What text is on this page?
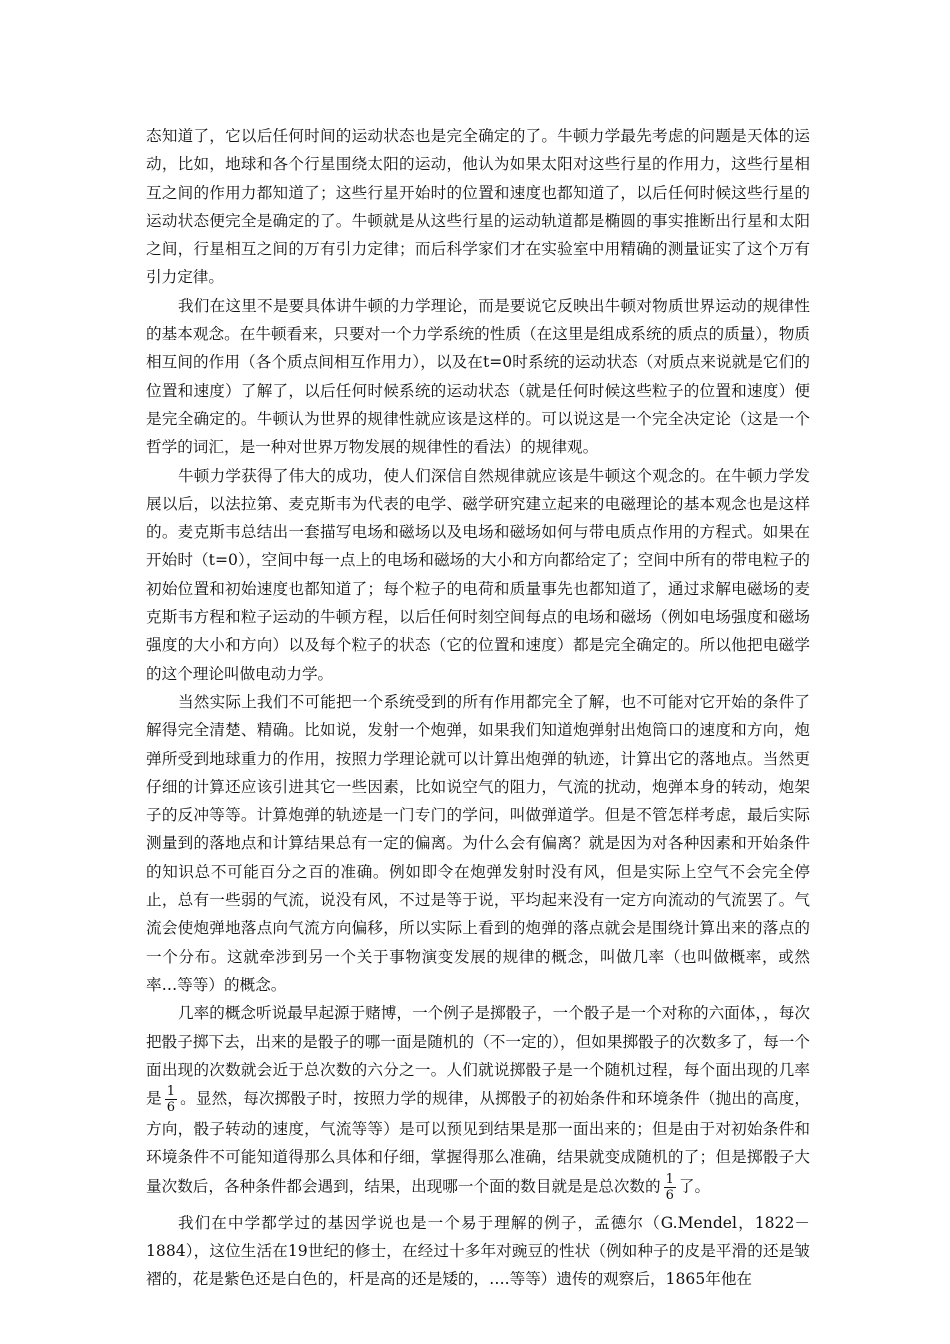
态知道了，它以后任何时间的运动状态也是完全确定的了。牛顿力学最先考虑的问题是天体的运动，比如，地球和各个行星围绕太阳的运动，他认为如果太阳对这些行星的作用力，这些行星相互之间的作用力都知道了；这些行星开始时的位置和速度也都知道了，以后任何时候这些行星的运动状态便完全是确定的了。牛顿就是从这些行星的运动轨道都是椭圆的事实推断出行星和太阳之间，行星相互之间的万有引力定律；而后科学家们才在实验室中用精确的测量证实了这个万有引力定律。

我们在这里不是要具体讲牛顿的力学理论，而是要说它反映出牛顿对物质世界运动的规律性的基本观念。在牛顿看来，只要对一个力学系统的性质（在这里是组成系统的质点的质量），物质相互间的作用（各个质点间相互作用力），以及在t=0时系统的运动状态（对质点来说就是它们的位置和速度）了解了，以后任何时候系统的运动状态（就是任何时候这些粒子的位置和速度）便是完全确定的。牛顿认为世界的规律性就应该是这样的。可以说这是一个完全决定论（这是一个哲学的词汇，是一种对世界万物发展的规律性的看法）的规律观。

牛顿力学获得了伟大的成功，使人们深信自然规律就应该是牛顿这个观念的。在牛顿力学发展以后，以法拉第、麦克斯韦为代表的电学、磁学研究建立起来的电磁理论的基本观念也是这样的。麦克斯韦总结出一套描写电场和磁场以及电场和磁场如何与带电质点作用的方程式。如果在开始时（t=0），空间中每一点上的电场和磁场的大小和方向都给定了；空间中所有的带电粒子的初始位置和初始速度也都知道了；每个粒子的电荷和质量事先也都知道了，通过求解电磁场的麦克斯韦方程和粒子运动的牛顿方程，以后任何时刻空间每点的电场和磁场（例如电场强度和磁场强度的大小和方向）以及每个粒子的状态（它的位置和速度）都是完全确定的。所以他把电磁学的这个理论叫做电动力学。

当然实际上我们不可能把一个系统受到的所有作用都完全了解，也不可能对它开始的条件了解得完全清楚、精确。比如说，发射一个炮弹，如果我们知道炮弹射出炮筒口的速度和方向，炮弹所受到地球重力的作用，按照力学理论就可以计算出炮弹的轨迹，计算出它的落地点。当然更仔细的计算还应该引进其它一些因素，比如说空气的阻力，气流的扰动，炮弹本身的转动，炮架子的反冲等等。计算炮弹的轨迹是一门专门的学问，叫做弹道学。但是不管怎样考虑，最后实际测量到的落地点和计算结果总有一定的偏离。为什么会有偏离？就是因为对各种因素和开始条件的知识总不可能百分之百的准确。例如即令在炮弹发射时没有风，但是实际上空气不会完全停止，总有一些弱的气流，说没有风，不过是等于说，平均起来没有一定方向流动的气流罢了。气流会使炮弹地落点向气流方向偏移，所以实际上看到的炮弹的落点就会是围绕计算出来的落点的一个分布。这就牵涉到另一个关于事物演变发展的规律的概念，叫做几率（也叫做概率，或然率…等等）的概念。

几率的概念听说最早起源于赌博，一个例子是掷骰子，一个骰子是一个对称的六面体，，每次把骰子掷下去，出来的是骰子的哪一面是随机的（不一定的），但如果掷骰子的次数多了，每一个面出现的次数就会近于总次数的六分之一。人们就说掷骰子是一个随机过程，每个面出现的几率是 $\frac{1}{6}$ 。显然，每次掷骰子时，按照力学的规律，从掷骰子的初始条件和环境条件（抛出的高度，方向，骰子转动的速度，气流等等）是可以预见到结果是那一面出来的；但是由于对初始条件和环境条件不可能知道得那么具体和仔细，掌握得那么准确，结果就变成随机的了；但是掷骰子大量次数后，各种条件都会遇到，结果，出现哪一个面的数目就是是总次数的 $\frac{1}{6}$ 了。

我们在中学都学过的基因学说也是一个易于理解的例子，孟德尔（G.Mendel，1822－1884），这位生活在19世纪的修士，在经过十多年对豌豆的性状（例如种子的皮是平滑的还是皱褶的，花是紫色还是白色的，杆是高的还是矮的，….等等）遗传的观察后，1865年他在
